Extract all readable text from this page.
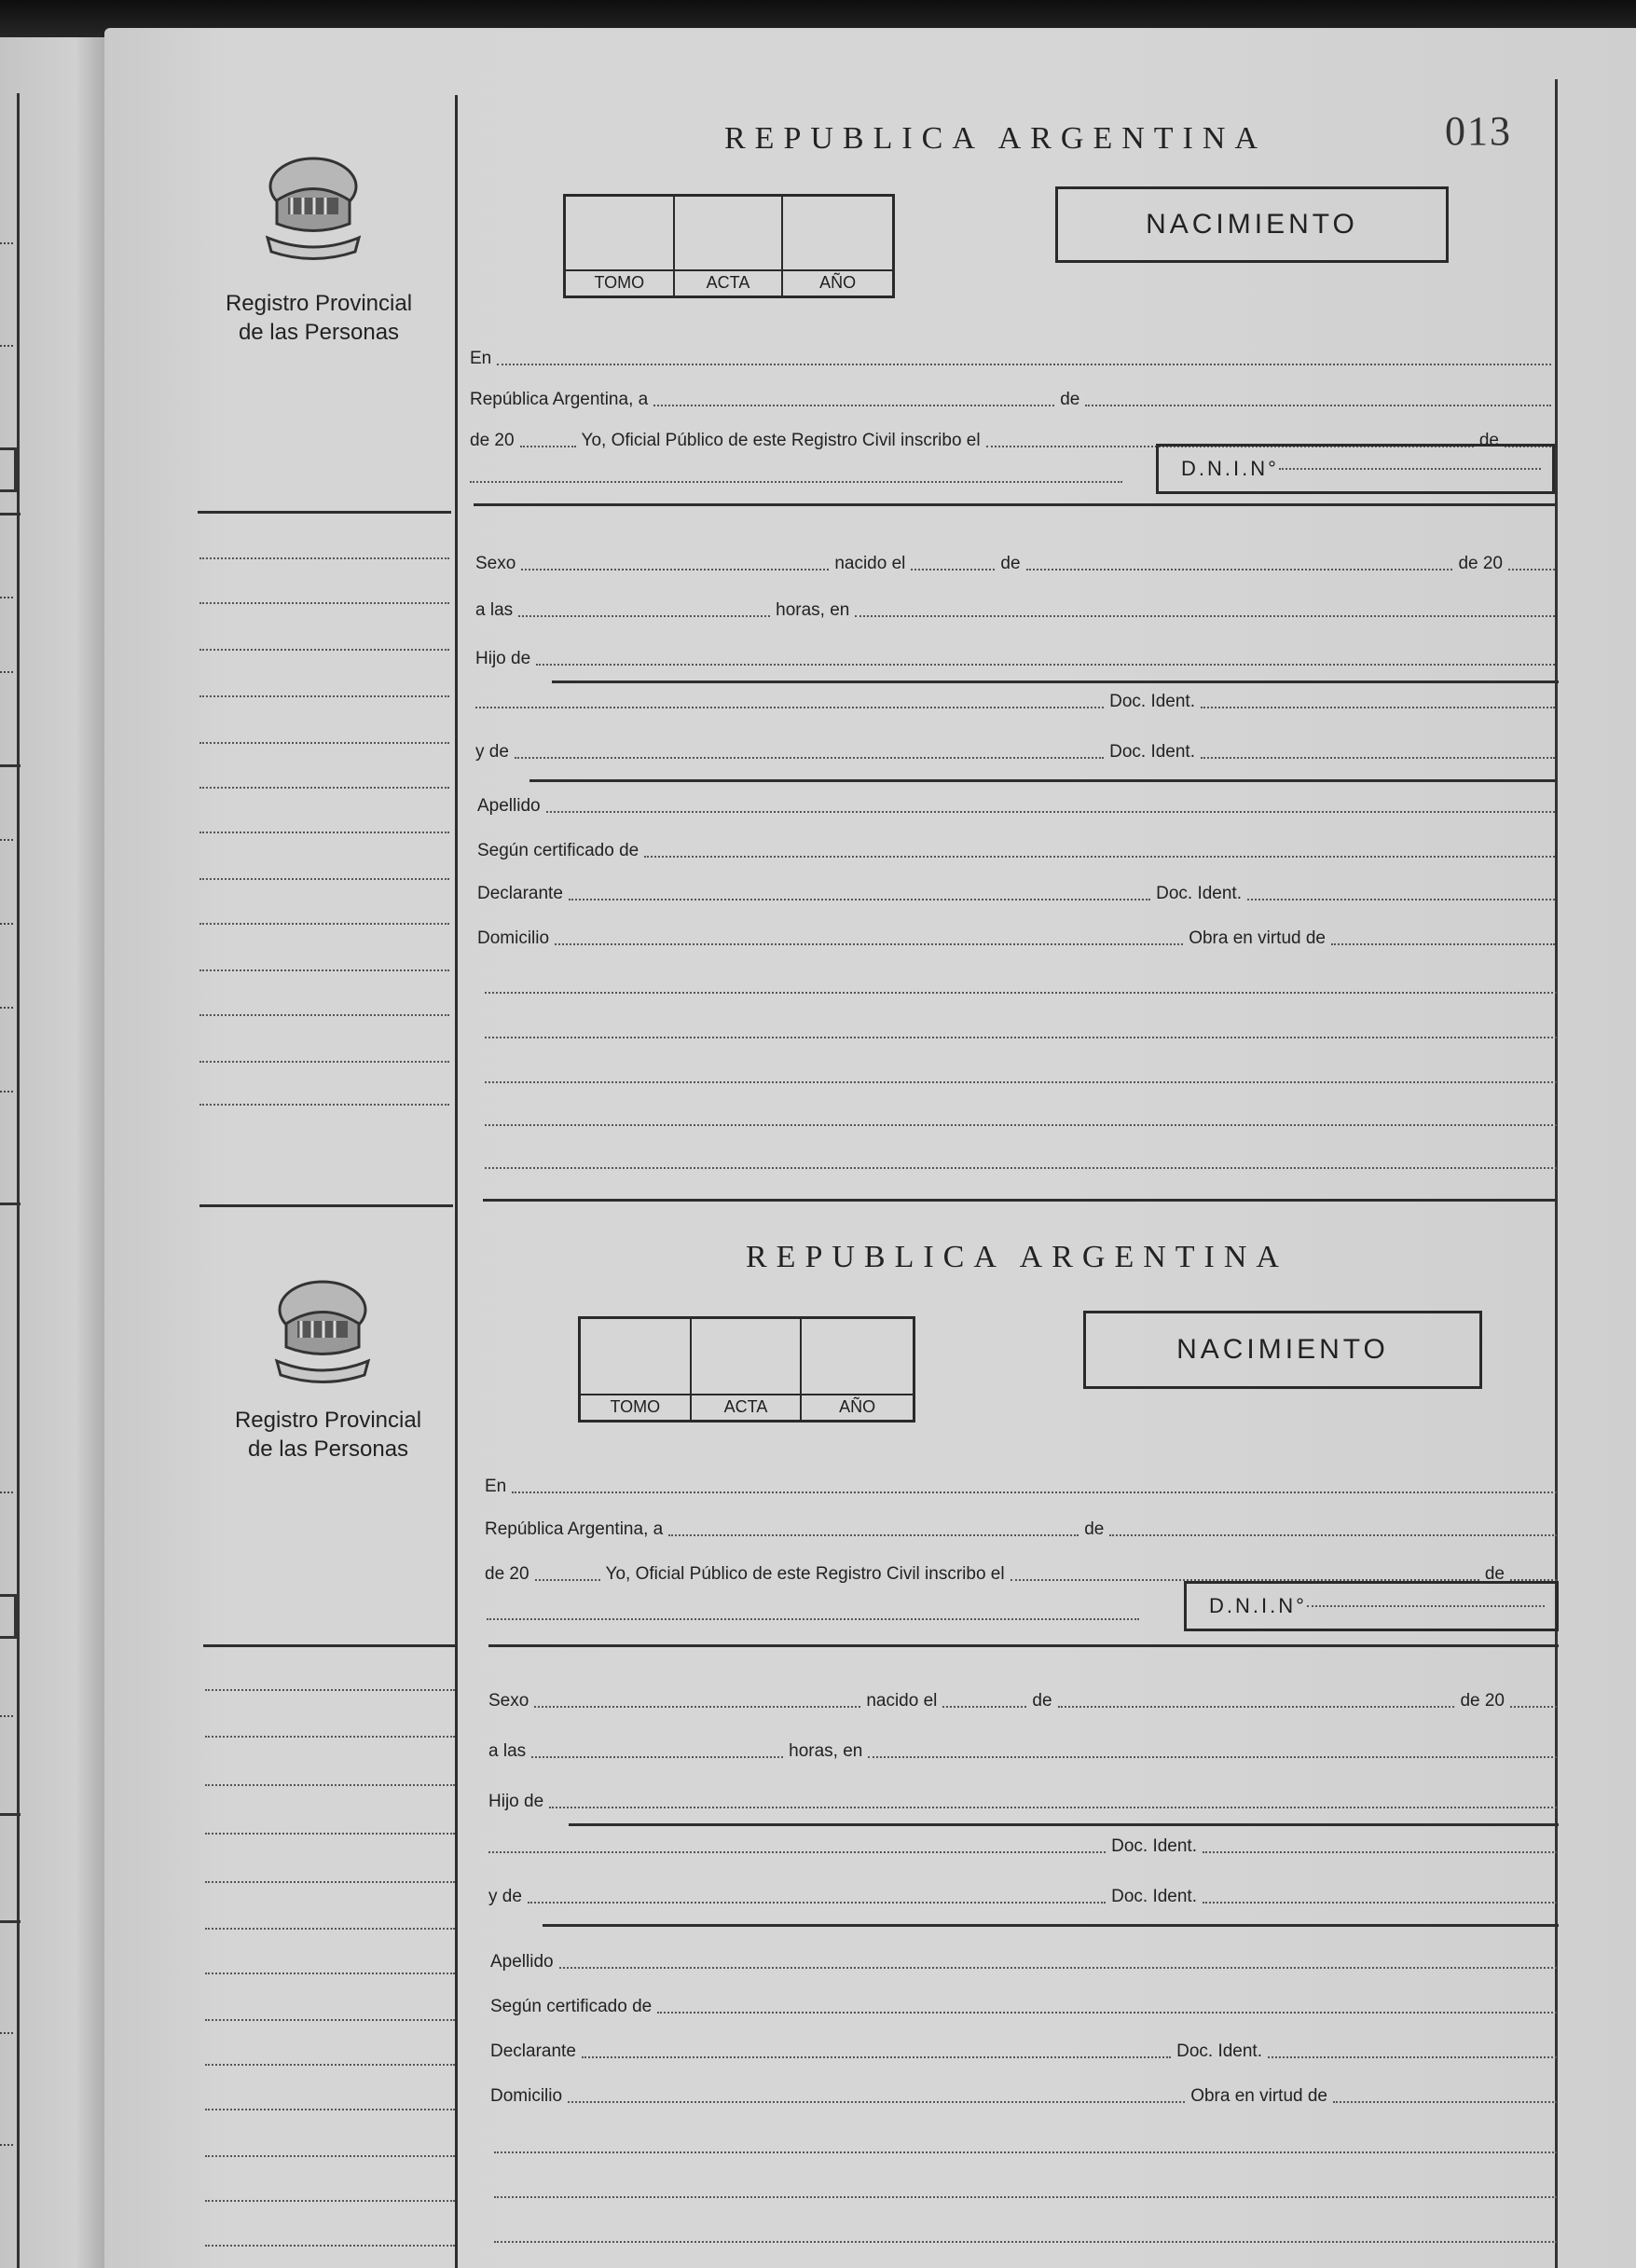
013
Registro Provincial
de las Personas
REPUBLICA ARGENTINA
TOMO	ACTA	AÑO
NACIMIENTO
En
República Argentina, a	de
de 20	Yo, Oficial Público de este Registro Civil inscribo el	de
D.N.I.N°
Sexo	nacido el	de	de 20
a las	horas, en
Hijo de
Doc. Ident.
y de	Doc. Ident.
Apellido
Según certificado de
Declarante	Doc. Ident.
Domicilio	Obra en virtud de
Registro Provincial
de las Personas
REPUBLICA ARGENTINA
TOMO	ACTA	AÑO
NACIMIENTO
En
República Argentina, a	de
de 20	Yo, Oficial Público de este Registro Civil inscribo el	de
D.N.I.N°
Sexo	nacido el	de	de 20
a las	horas, en
Hijo de
Doc. Ident.
y de	Doc. Ident.
Apellido
Según certificado de
Declarante	Doc. Ident.
Domicilio	Obra en virtud de
